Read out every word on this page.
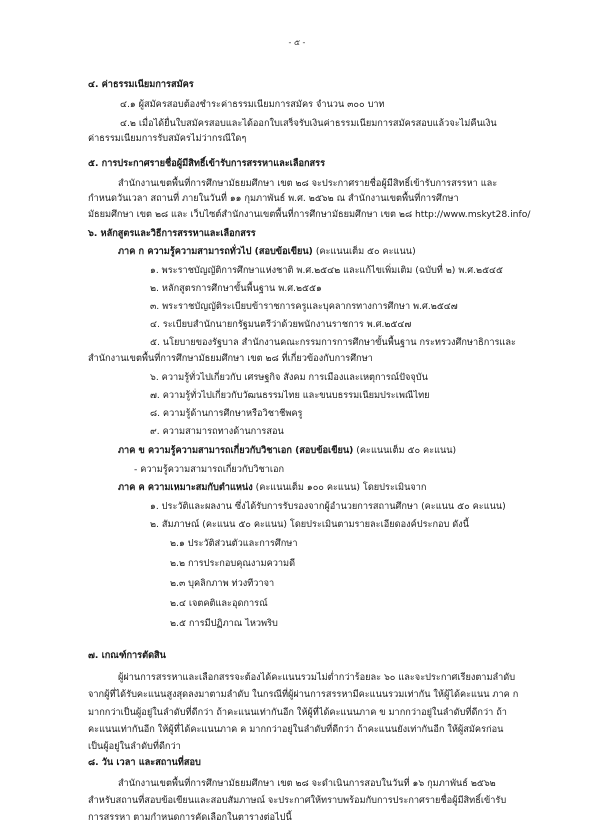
- ๕ -
๔. ค่าธรรมเนียมการสมัคร
๔.๑ ผู้สมัครสอบต้องชำระค่าธรรมเนียมการสมัคร จำนวน ๓๐๐ บาท
๔.๒ เมื่อได้ยื่นใบสมัครสอบและได้ออกใบเสร็จรับเงินค่าธรรมเนียมการสมัครสอบแล้วจะไม่คืนเงิน
ค่าธรรมเนียมการรับสมัครไม่ว่ากรณีใดๆ
๕. การประกาศรายชื่อผู้มีสิทธิ์เข้ารับการสรรหาและเลือกสรร
สำนักงานเขตพื้นที่การศึกษามัธยมศึกษา เขต ๒๘ จะประกาศรายชื่อผู้มีสิทธิ์เข้ารับการสรรหา และ
กำหนดวันเวลา สถานที่ ภายในวันที่ ๑๑ กุมภาพันธ์ พ.ศ. ๒๕๖๒ ณ สำนักงานเขตพื้นที่การศึกษา
มัธยมศึกษา เขต ๒๘ และ เว็บไซต์สำนักงานเขตพื้นที่การศึกษามัธยมศึกษา เขต ๒๘ http://www.mskyt28.info/
๖. หลักสูตรและวิธีการสรรหาและเลือกสรร
ภาค ก ความรู้ความสามารถทั่วไป (สอบข้อเขียน) (คะแนนเต็ม ๕๐ คะแนน)
๑. พระราชบัญญัติการศึกษาแห่งชาติ พ.ศ.๒๕๔๒ และแก้ไขเพิ่มเติม (ฉบับที่ ๒) พ.ศ.๒๕๔๕
๒. หลักสูตรการศึกษาขั้นพื้นฐาน พ.ศ.๒๕๕๑
๓. พระราชบัญญัติระเบียบข้าราชการครูและบุคลากรทางการศึกษา พ.ศ.๒๕๔๗
๔. ระเบียบสำนักนายกรัฐมนตรีว่าด้วยพนักงานราชการ พ.ศ.๒๕๔๗
๕. นโยบายของรัฐบาล สำนักงานคณะกรรมการการศึกษาขั้นพื้นฐาน กระทรวงศึกษาธิการและ
สำนักงานเขตพื้นที่การศึกษามัธยมศึกษา เขต ๒๘ ที่เกี่ยวข้องกับการศึกษา
๖. ความรู้ทั่วไปเกี่ยวกับ เศรษฐกิจ สังคม การเมืองและเหตุการณ์ปัจจุบัน
๗. ความรู้ทั่วไปเกี่ยวกับวัฒนธรรมไทย และขนบธรรมเนียมประเพณีไทย
๘. ความรู้ด้านการศึกษาหรือวิชาชีพครู
๙. ความสามารถทางด้านการสอน
ภาค ข ความรู้ความสามารถเกี่ยวกับวิชาเอก (สอบข้อเขียน) (คะแนนเต็ม ๕๐ คะแนน)
- ความรู้ความสามารถเกี่ยวกับวิชาเอก
ภาค ค ความเหมาะสมกับตำแหน่ง (คะแนนเต็ม ๑๐๐ คะแนน) โดยประเมินจาก
๑. ประวัติและผลงาน ซึ่งได้รับการรับรองจากผู้อำนวยการสถานศึกษา (คะแนน ๕๐ คะแนน)
๒. สัมภาษณ์ (คะแนน ๕๐ คะแนน) โดยประเมินตามรายละเอียดองค์ประกอบ ดังนี้
๒.๑ ประวัติส่วนตัวและการศึกษา
๒.๒ การประกอบคุณงามความดี
๒.๓ บุคลิกภาพ ท่วงทีวาจา
๒.๔ เจตคติและอุดการณ์
๒.๕ การมีปฏิภาณ ไหวพริบ
๗. เกณฑ์การตัดสิน
ผู้ผ่านการสรรหาและเลือกสรรจะต้องได้คะแนนรวมไม่ต่ำกว่าร้อยละ ๖๐ และจะประกาศเรียงตามลำดับ
จากผู้ที่ได้รับคะแนนสูงสุดลงมาตามลำดับ ในกรณีที่ผู้ผ่านการสรรหามีคะแนนรวมเท่ากัน ให้ผู้ได้คะแนน ภาค ก
มากกว่าเป็นผู้อยู่ในลำดับที่ดีกว่า ถ้าคะแนนเท่ากันอีก ให้ผู้ที่ได้คะแนนภาค ข มากกว่าอยู่ในลำดับที่ดีกว่า ถ้า
คะแนนเท่ากันอีก ให้ผู้ที่ได้คะแนนภาค ค มากกว่าอยู่ในลำดับที่ดีกว่า ถ้าคะแนนยังเท่ากันอีก ให้ผู้สมัครก่อน
เป็นผู้อยู่ในลำดับที่ดีกว่า
๘. วัน เวลา และสถานที่สอบ
สำนักงานเขตพื้นที่การศึกษามัธยมศึกษา เขต ๒๘ จะดำเนินการสอบในวันที่ ๑๖ กุมภาพันธ์ ๒๕๖๒
สำหรับสถานที่สอบข้อเขียนและสอบสัมภาษณ์ จะประกาศให้ทราบพร้อมกับการประกาศรายชื่อผู้มีสิทธิ์เข้ารับ
การสรรหา ตามกำหนดการคัดเลือกในตารางต่อไปนี้
